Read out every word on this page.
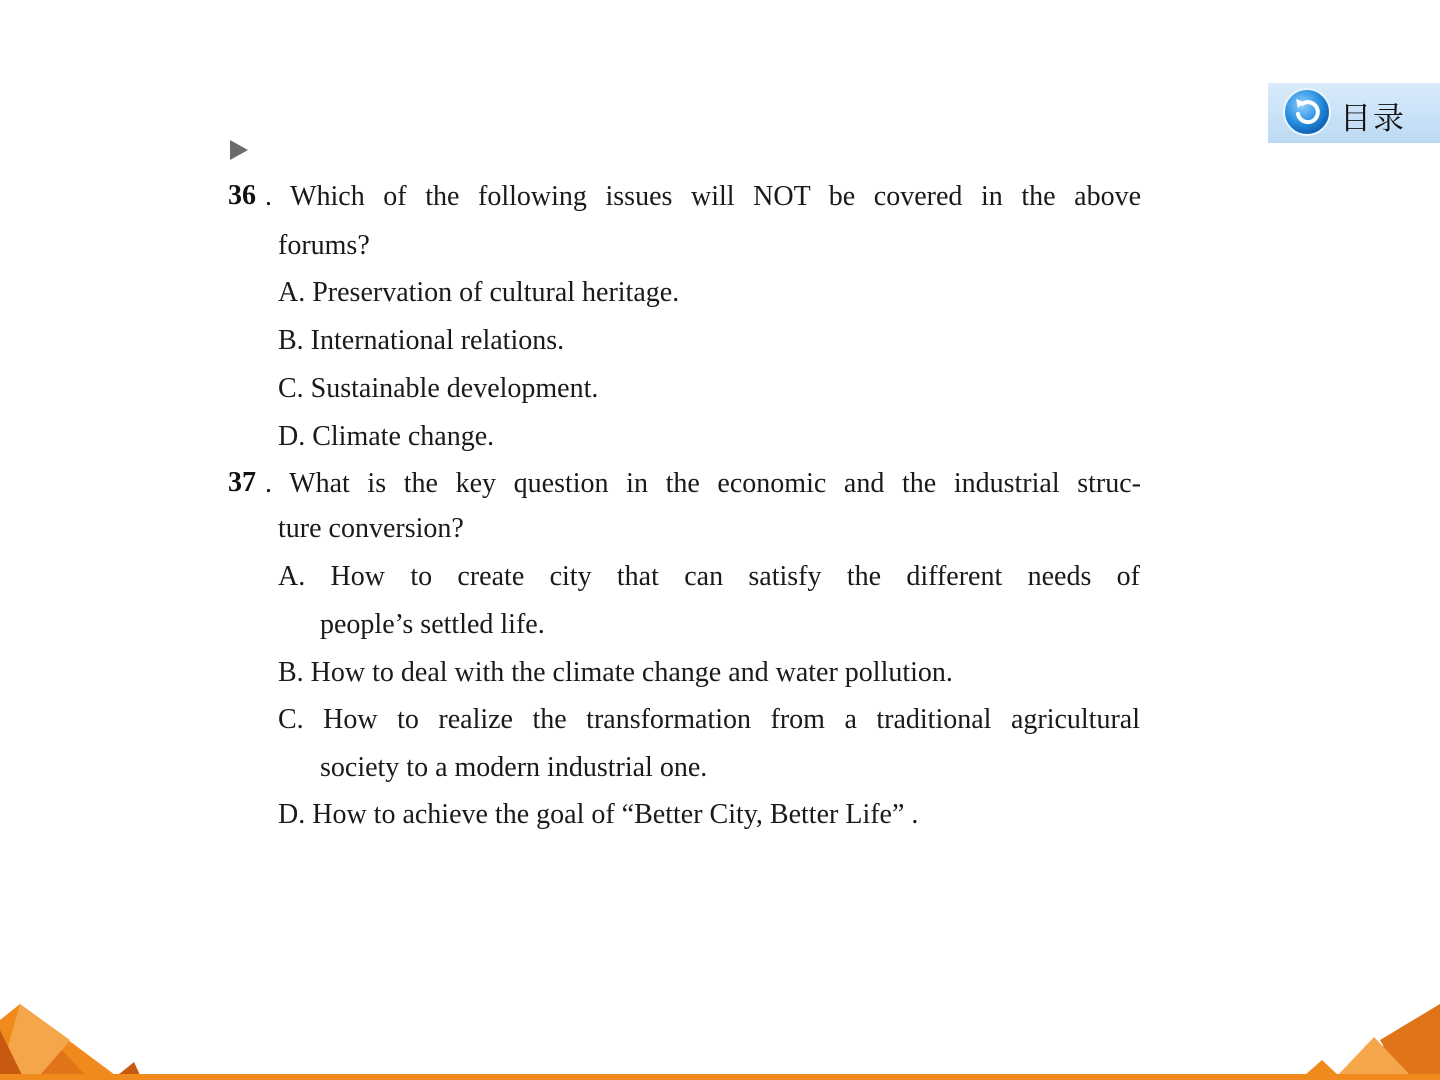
目录
36 . Which of the following issues will NOT be covered in the above
forums?
A. Preservation of cultural heritage.
B. International relations.
C. Sustainable development.
D. Climate change.
37 . What is the key question in the economic and the industrial struc-
ture conversion?
A. How to create city that can satisfy the different needs of
people’s settled life.
B. How to deal with the climate change and water pollution.
C. How to realize the transformation from a traditional agricultural
society to a modern industrial one.
D. How to achieve the goal of “Better City, Better Life” .
